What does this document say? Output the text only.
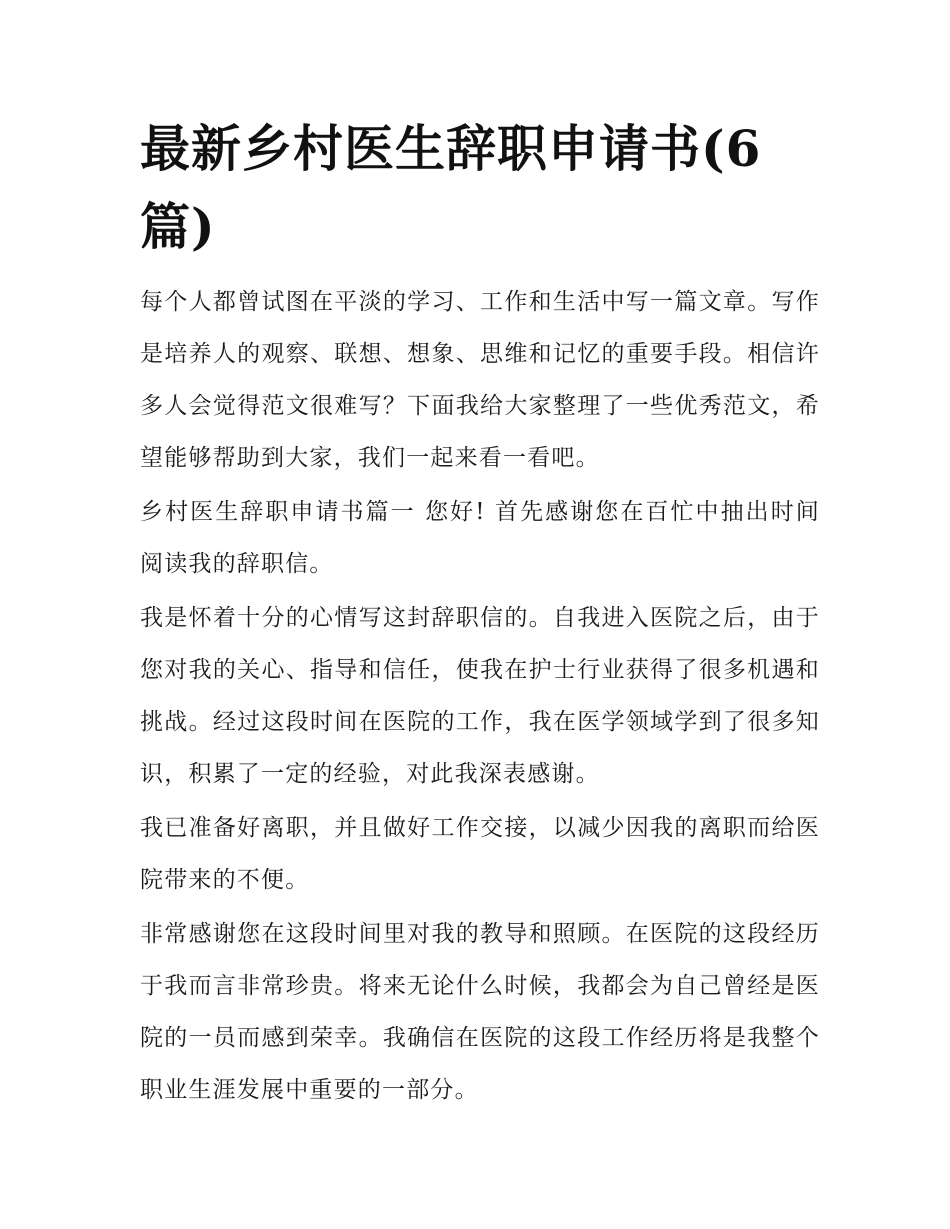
最新乡村医生辞职申请书(6篇)

每个人都曾试图在平淡的学习、工作和生活中写一篇文章。写作是培养人的观察、联想、想象、思维和记忆的重要手段。相信许多人会觉得范文很难写？下面我给大家整理了一些优秀范文，希望能够帮助到大家，我们一起来看一看吧。

乡村医生辞职申请书篇一 您好! 首先感谢您在百忙中抽出时间阅读我的辞职信。

我是怀着十分的心情写这封辞职信的。自我进入医院之后，由于您对我的关心、指导和信任，使我在护士行业获得了很多机遇和挑战。经过这段时间在医院的工作，我在医学领域学到了很多知识，积累了一定的经验，对此我深表感谢。

我已准备好离职，并且做好工作交接，以减少因我的离职而给医院带来的不便。

非常感谢您在这段时间里对我的教导和照顾。在医院的这段经历于我而言非常珍贵。将来无论什么时候，我都会为自己曾经是医院的一员而感到荣幸。我确信在医院的这段工作经历将是我整个职业生涯发展中重要的一部分。
